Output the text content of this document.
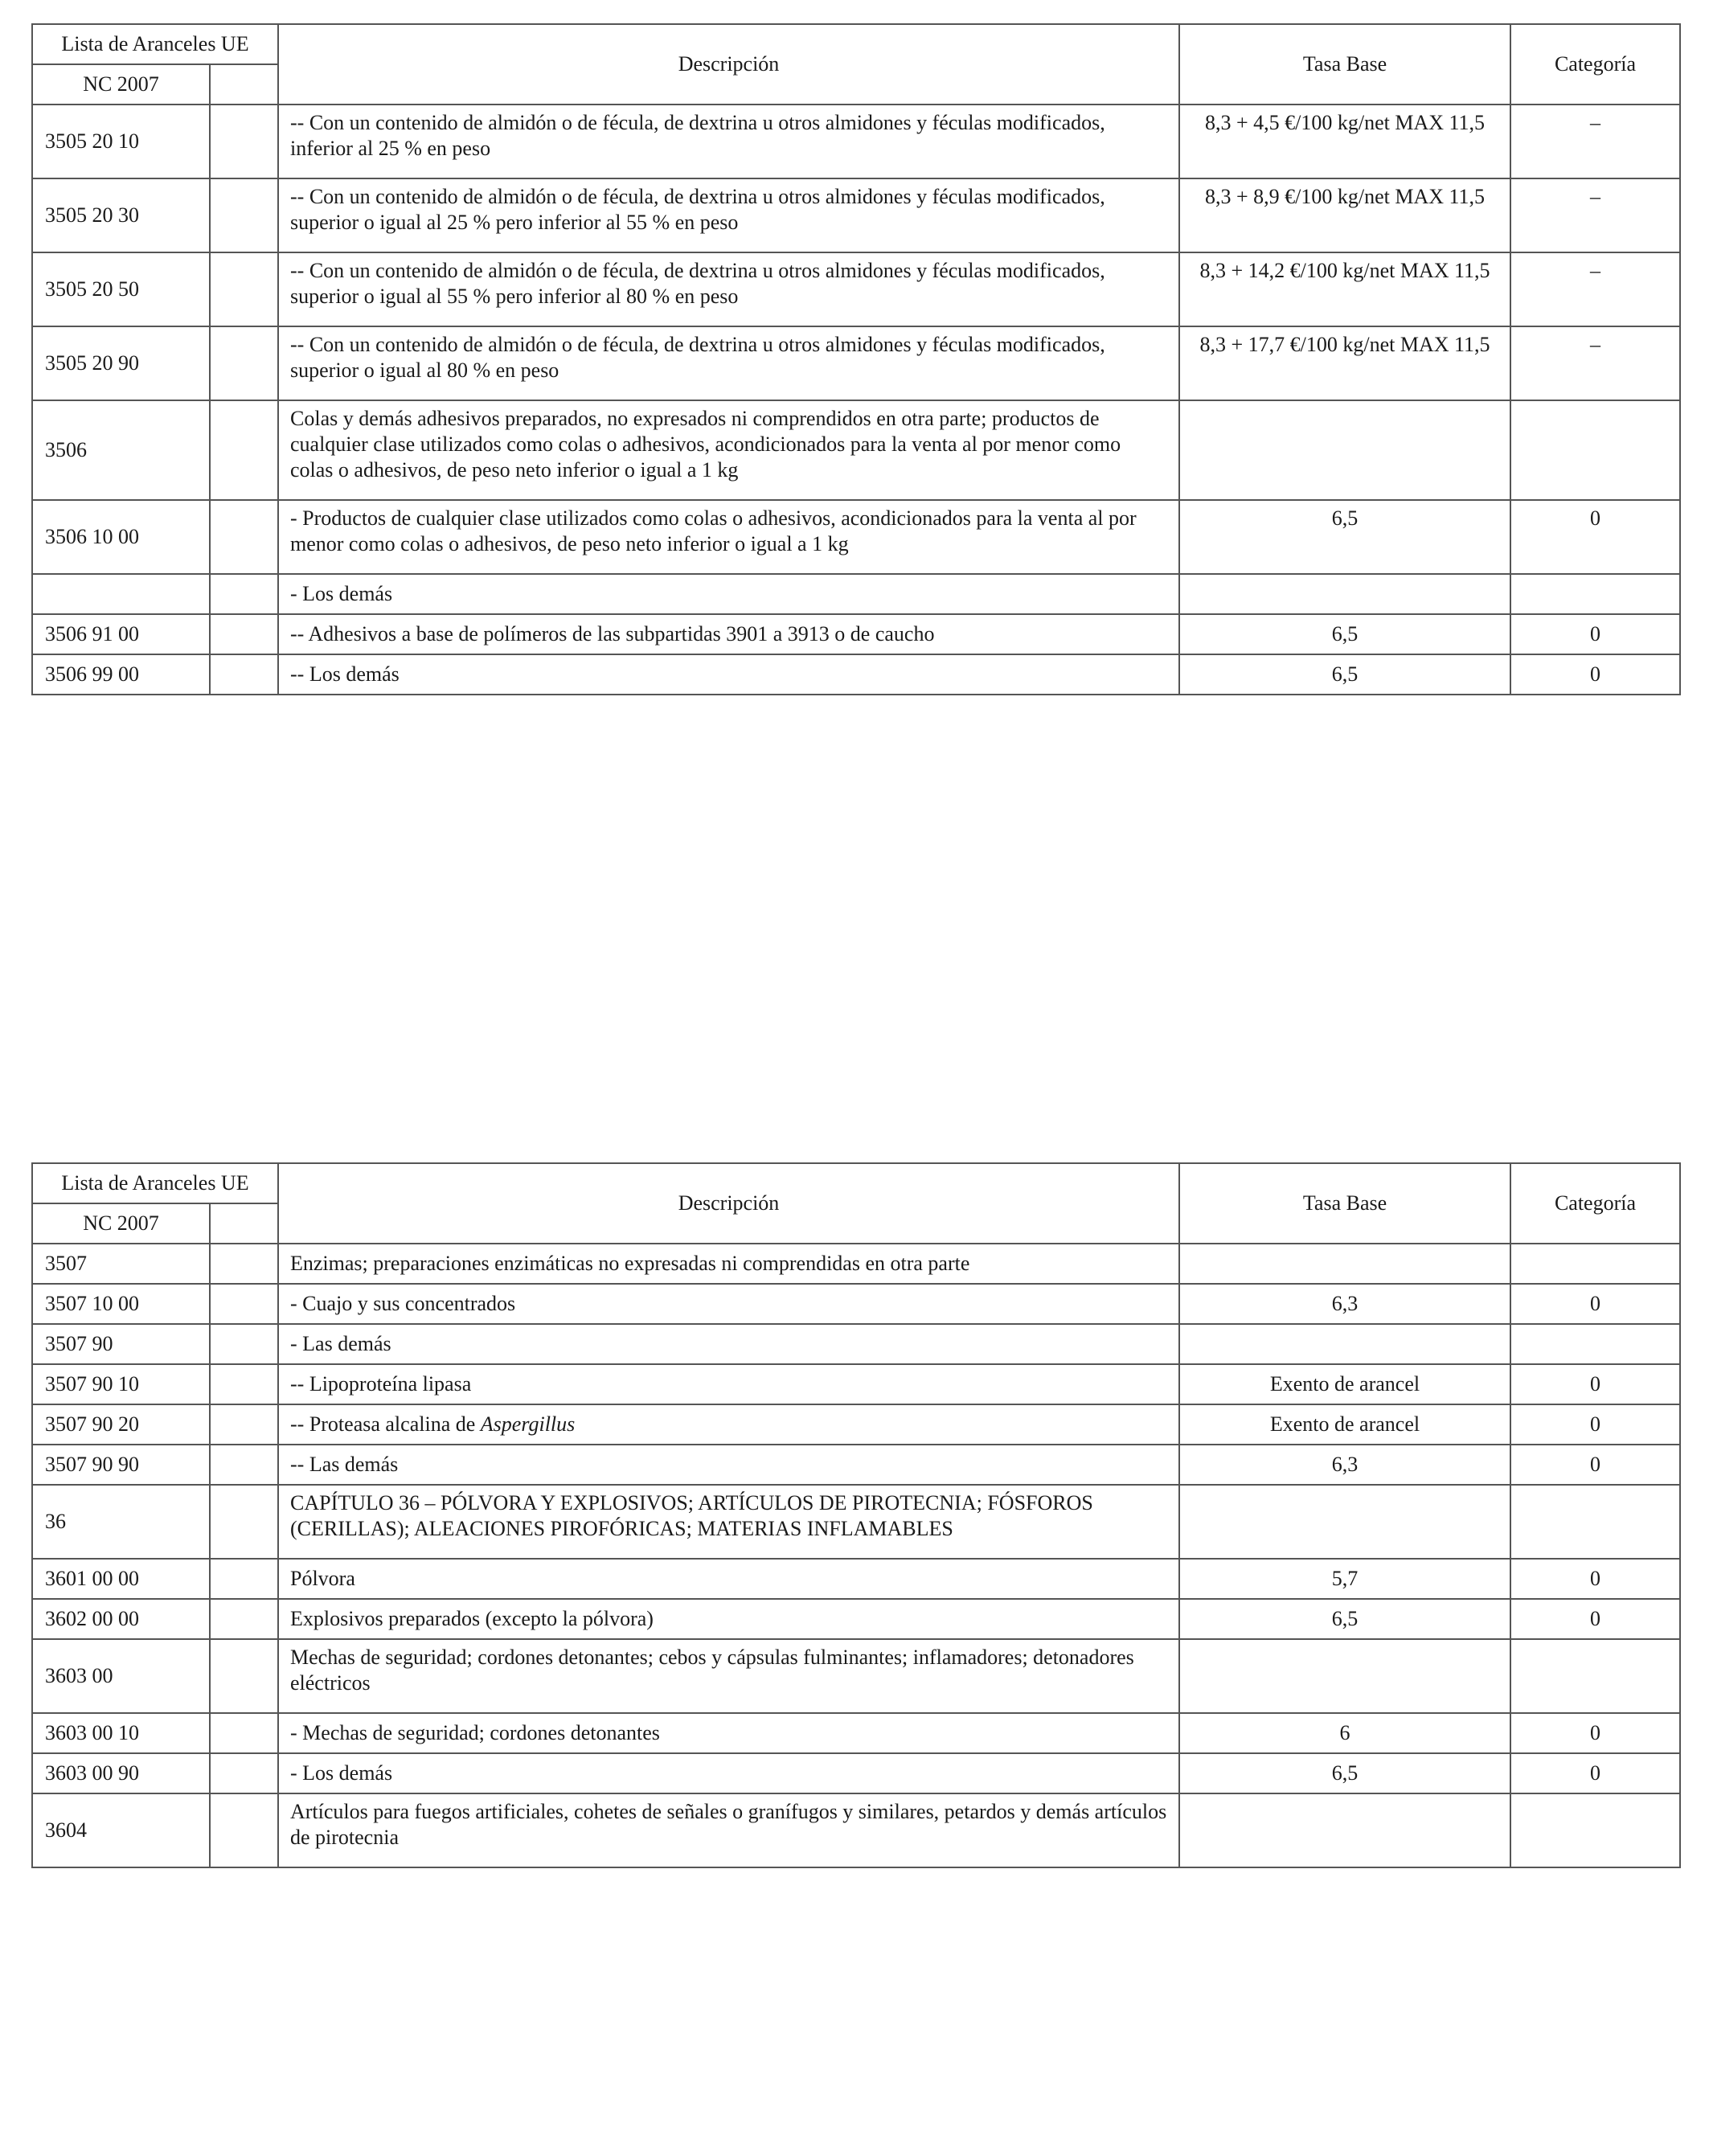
Lista de Aranceles UE		Descripción	Tasa Base	Categoría
NC 2007				
3505 20 10		-- Con un contenido de almidón o de fécula, de dextrina u otros almidones y féculas modificados, inferior al 25 % en peso	8,3 + 4,5 €/100 kg/net MAX 11,5	–
3505 20 30		-- Con un contenido de almidón o de fécula, de dextrina u otros almidones y féculas modificados, superior o igual al 25 % pero inferior al 55 % en peso	8,3 + 8,9 €/100 kg/net MAX 11,5	–
3505 20 50		-- Con un contenido de almidón o de fécula, de dextrina u otros almidones y féculas modificados, superior o igual al 55 % pero inferior al 80 % en peso	8,3 + 14,2 €/100 kg/net MAX 11,5	–
3505 20 90		-- Con un contenido de almidón o de fécula, de dextrina u otros almidones y féculas modificados, superior o igual al 80 % en peso	8,3 + 17,7 €/100 kg/net MAX 11,5	–
3506		Colas y demás adhesivos preparados, no expresados ni comprendidos en otra parte; productos de cualquier clase utilizados como colas o adhesivos, acondicionados para la venta al por menor como colas o adhesivos, de peso neto inferior o igual a 1 kg		
3506 10 00		- Productos de cualquier clase utilizados como colas o adhesivos, acondicionados para la venta al por menor como colas o adhesivos, de peso neto inferior o igual a 1 kg	6,5	0
		- Los demás		
3506 91 00		-- Adhesivos a base de polímeros de las subpartidas 3901 a 3913 o de caucho	6,5	0
3506 99 00		-- Los demás	6,5	0
Lista de Aranceles UE		Descripción	Tasa Base	Categoría
NC 2007				
3507		Enzimas; preparaciones enzimáticas no expresadas ni comprendidas en otra parte		
3507 10 00		- Cuajo y sus concentrados	6,3	0
3507 90		- Las demás		
3507 90 10		-- Lipoproteína lipasa	Exento de arancel	0
3507 90 20		-- Proteasa alcalina de Aspergillus	Exento de arancel	0
3507 90 90		-- Las demás	6,3	0
36		CAPÍTULO 36 – PÓLVORA Y EXPLOSIVOS; ARTÍCULOS DE PIROTECNIA; FÓSFOROS (CERILLAS); ALEACIONES PIROFÓRICAS; MATERIAS INFLAMABLES		
3601 00 00		Pólvora	5,7	0
3602 00 00		Explosivos preparados (excepto la pólvora)	6,5	0
3603 00		Mechas de seguridad; cordones detonantes; cebos y cápsulas fulminantes; inflamadores; detonadores eléctricos		
3603 00 10		- Mechas de seguridad; cordones detonantes	6	0
3603 00 90		- Los demás	6,5	0
3604		Artículos para fuegos artificiales, cohetes de señales o granífugos y similares, petardos y demás artículos de pirotecnia		
